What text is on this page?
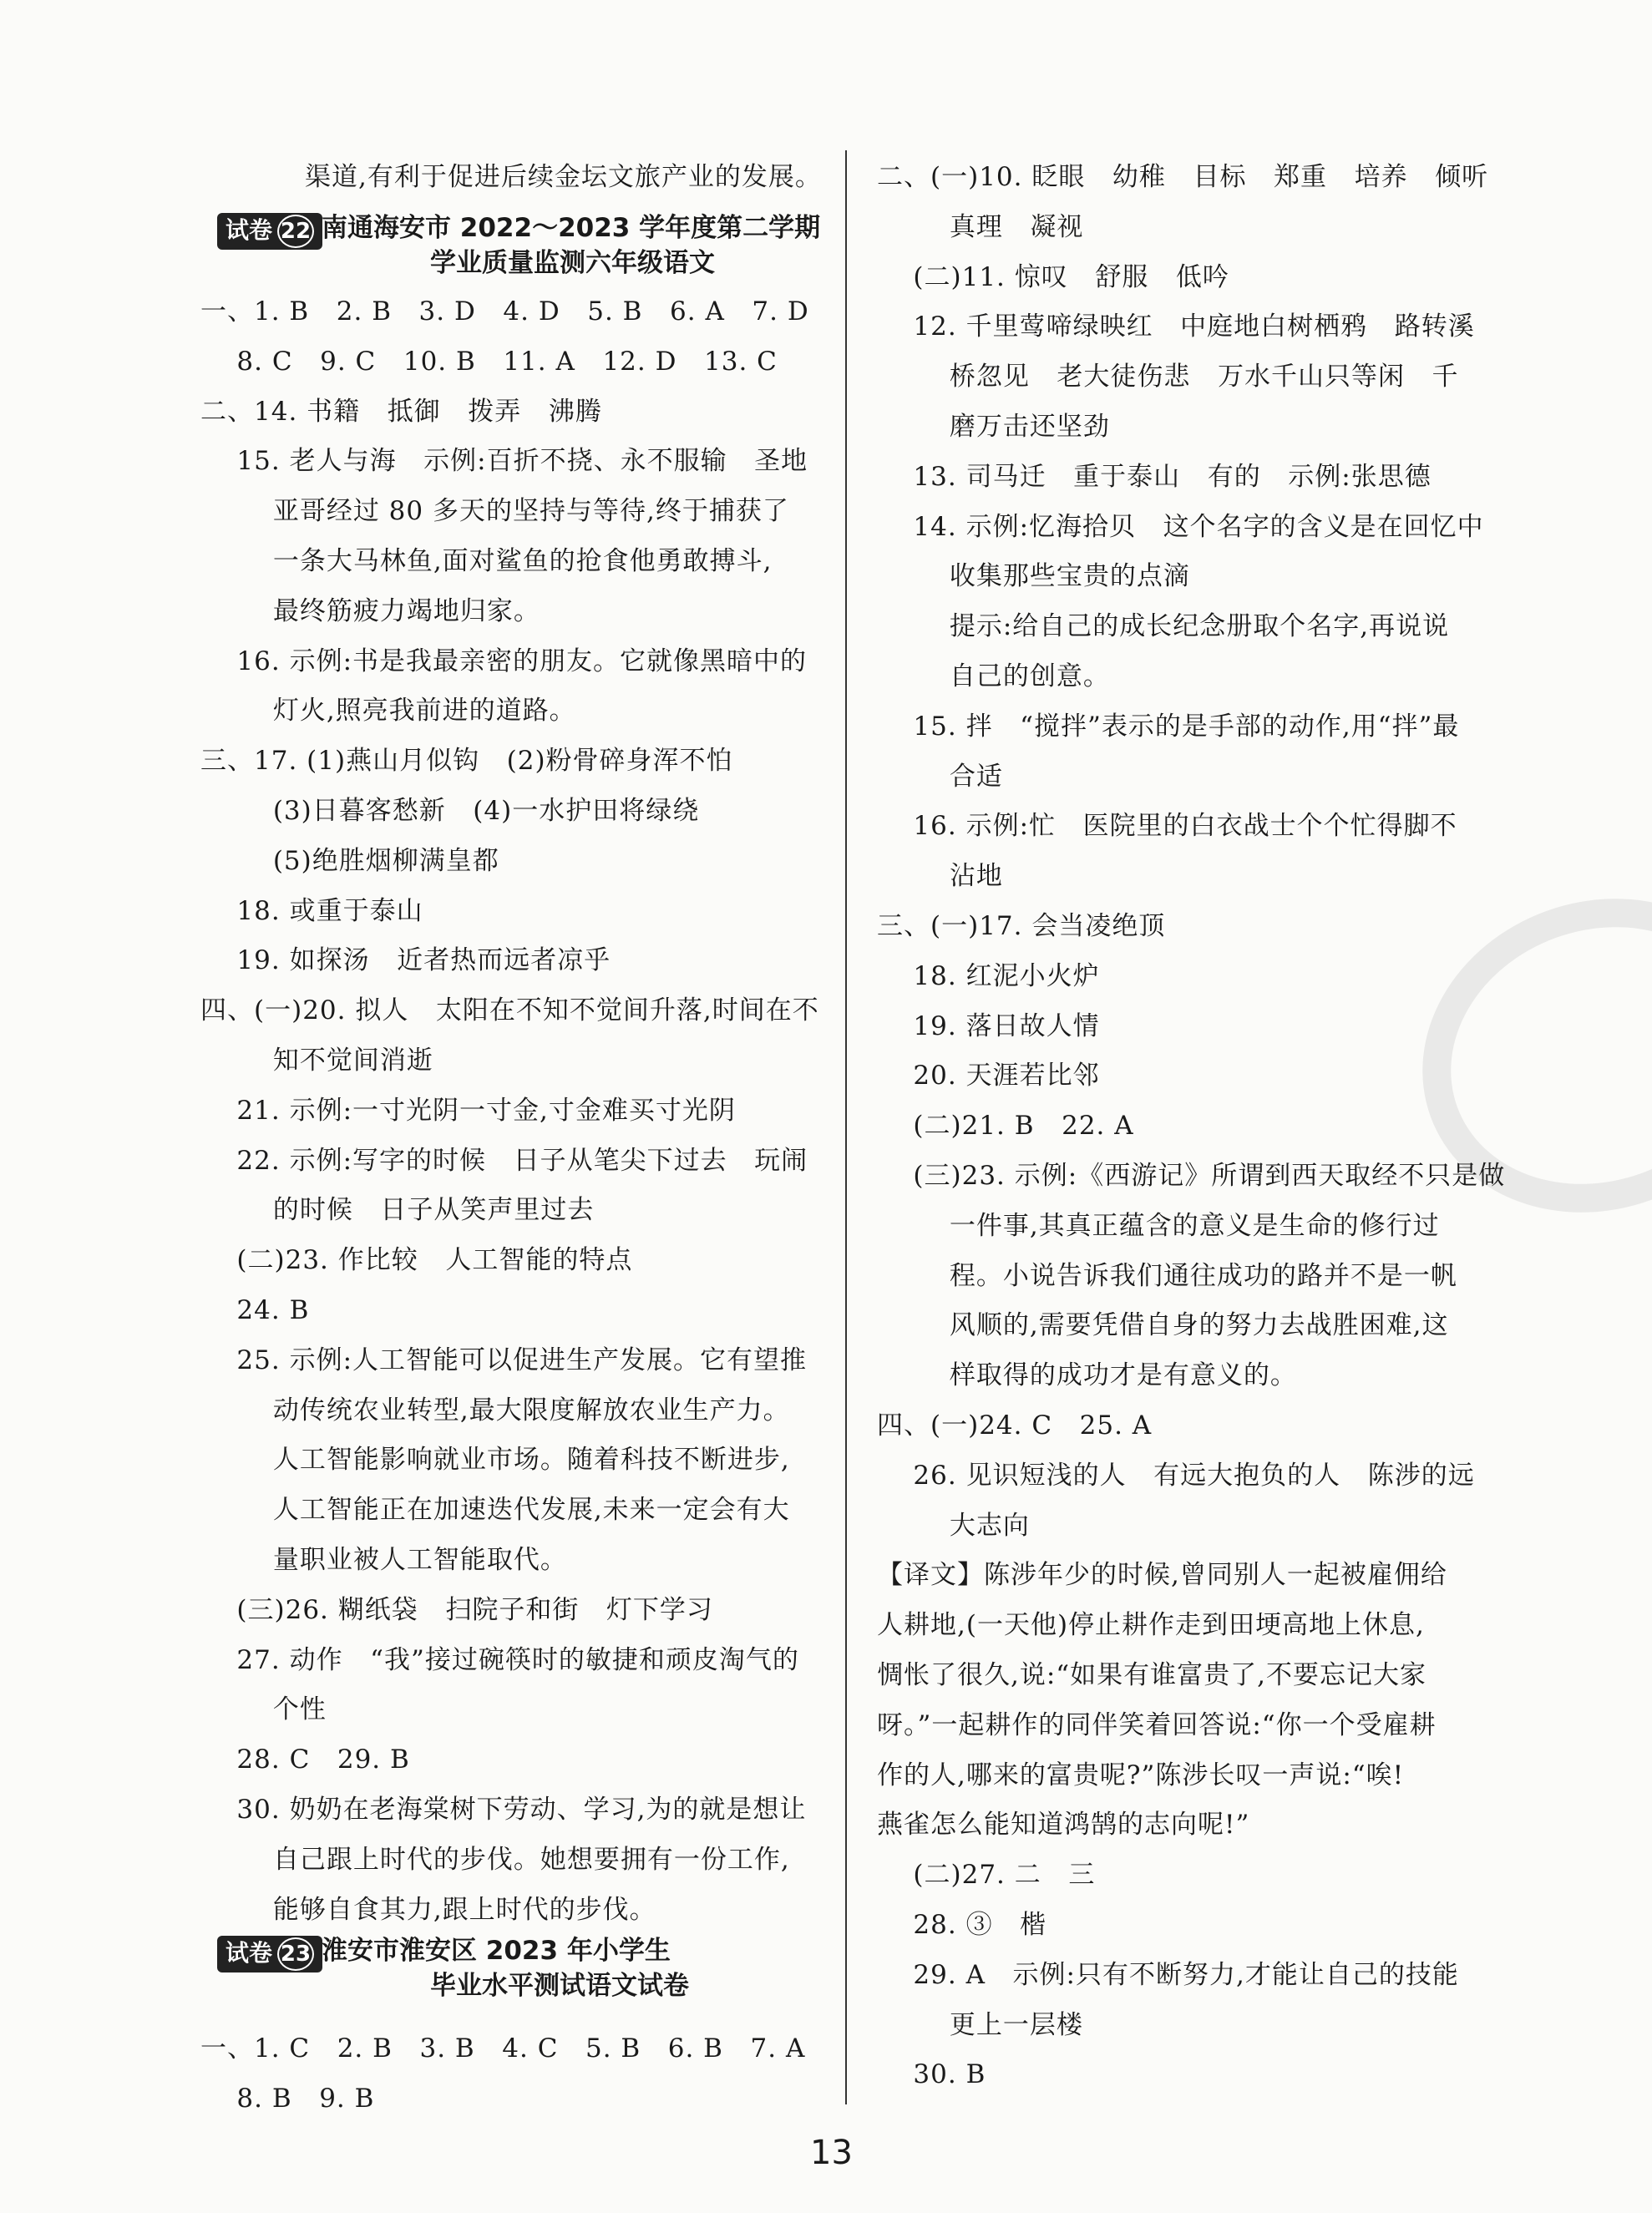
渠道,有利于促进后续金坛文旅产业的发展。
试卷 22 南通海安市 2022～2023 学年度第二学期
学业质量监测六年级语文
一、1. B   2. B   3. D   4. D   5. B   6. A   7. D
8. C   9. C   10. B   11. A   12. D   13. C
二、14. 书籍   抵御   拨弄   沸腾
15. 老人与海   示例:百折不挠、永不服输   圣地
亚哥经过 80 多天的坚持与等待,终于捕获了
一条大马林鱼,面对鲨鱼的抢食他勇敢搏斗,
最终筋疲力竭地归家。
16. 示例:书是我最亲密的朋友。它就像黑暗中的
灯火,照亮我前进的道路。
三、17. (1)燕山月似钩   (2)粉骨碎身浑不怕
(3)日暮客愁新   (4)一水护田将绿绕
(5)绝胜烟柳满皇都
18. 或重于泰山
19. 如探汤   近者热而远者凉乎
四、(一)20. 拟人   太阳在不知不觉间升落,时间在不
知不觉间消逝
21. 示例:一寸光阴一寸金,寸金难买寸光阴
22. 示例:写字的时候   日子从笔尖下过去   玩闹
的时候   日子从笑声里过去
(二)23. 作比较   人工智能的特点
24. B
25. 示例:人工智能可以促进生产发展。它有望推
动传统农业转型,最大限度解放农业生产力。
人工智能影响就业市场。随着科技不断进步,
人工智能正在加速迭代发展,未来一定会有大
量职业被人工智能取代。
(三)26. 糊纸袋   扫院子和街   灯下学习
27. 动作   “我”接过碗筷时的敏捷和顽皮淘气的
个性
28. C   29. B
30. 奶奶在老海棠树下劳动、学习,为的就是想让
自己跟上时代的步伐。她想要拥有一份工作,
能够自食其力,跟上时代的步伐。
试卷 23 淮安市淮安区 2023 年小学生
毕业水平测试语文试卷
一、1. C   2. B   3. B   4. C   5. B   6. B   7. A
8. B   9. B
二、(一)10. 眨眼   幼稚   目标   郑重   培养   倾听
真理   凝视
(二)11. 惊叹   舒服   低吟
12. 千里莺啼绿映红   中庭地白树栖鸦   路转溪
桥忽见   老大徒伤悲   万水千山只等闲   千
磨万击还坚劲
13. 司马迁   重于泰山   有的   示例:张思德
14. 示例:忆海拾贝   这个名字的含义是在回忆中
收集那些宝贵的点滴
提示:给自己的成长纪念册取个名字,再说说
自己的创意。
15. 拌   “搅拌”表示的是手部的动作,用“拌”最
合适
16. 示例:忙   医院里的白衣战士个个忙得脚不
沾地
三、(一)17. 会当凌绝顶
18. 红泥小火炉
19. 落日故人情
20. 天涯若比邻
(二)21. B   22. A
(三)23. 示例:《西游记》所谓到西天取经不只是做
一件事,其真正蕴含的意义是生命的修行过
程。小说告诉我们通往成功的路并不是一帆
风顺的,需要凭借自身的努力去战胜困难,这
样取得的成功才是有意义的。
四、(一)24. C   25. A
26. 见识短浅的人   有远大抱负的人   陈涉的远
大志向
【译文】陈涉年少的时候,曾同别人一起被雇佣给
人耕地,(一天他)停止耕作走到田埂高地上休息,
惆怅了很久,说:“如果有谁富贵了,不要忘记大家
呀。”一起耕作的同伴笑着回答说:“你一个受雇耕
作的人,哪来的富贵呢?”陈涉长叹一声说:“唉!
燕雀怎么能知道鸿鹄的志向呢!”
(二)27. 二   三
28. ③   楷
29. A   示例:只有不断努力,才能让自己的技能
更上一层楼
30. B
13
